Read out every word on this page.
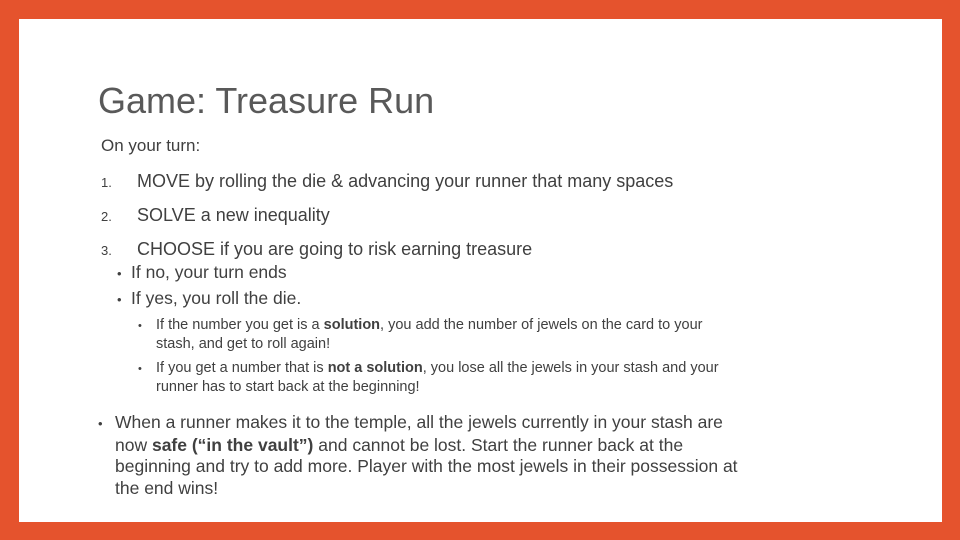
Game: Treasure Run
On your turn:
1. MOVE by rolling the die & advancing your runner that many spaces
2. SOLVE a new inequality
3. CHOOSE if you are going to risk earning treasure
• If no, your turn ends
• If yes, you roll the die.
• If the number you get is a solution, you add the number of jewels on the card to your
stash, and get to roll again!
• If you get a number that is not a solution, you lose all the jewels in your stash and your
runner has to start back at the beginning!
• When a runner makes it to the temple, all the jewels currently in your stash are
now safe (“in the vault”) and cannot be lost. Start the runner back at the
beginning and try to add more. Player with the most jewels in their possession at
the end wins!
